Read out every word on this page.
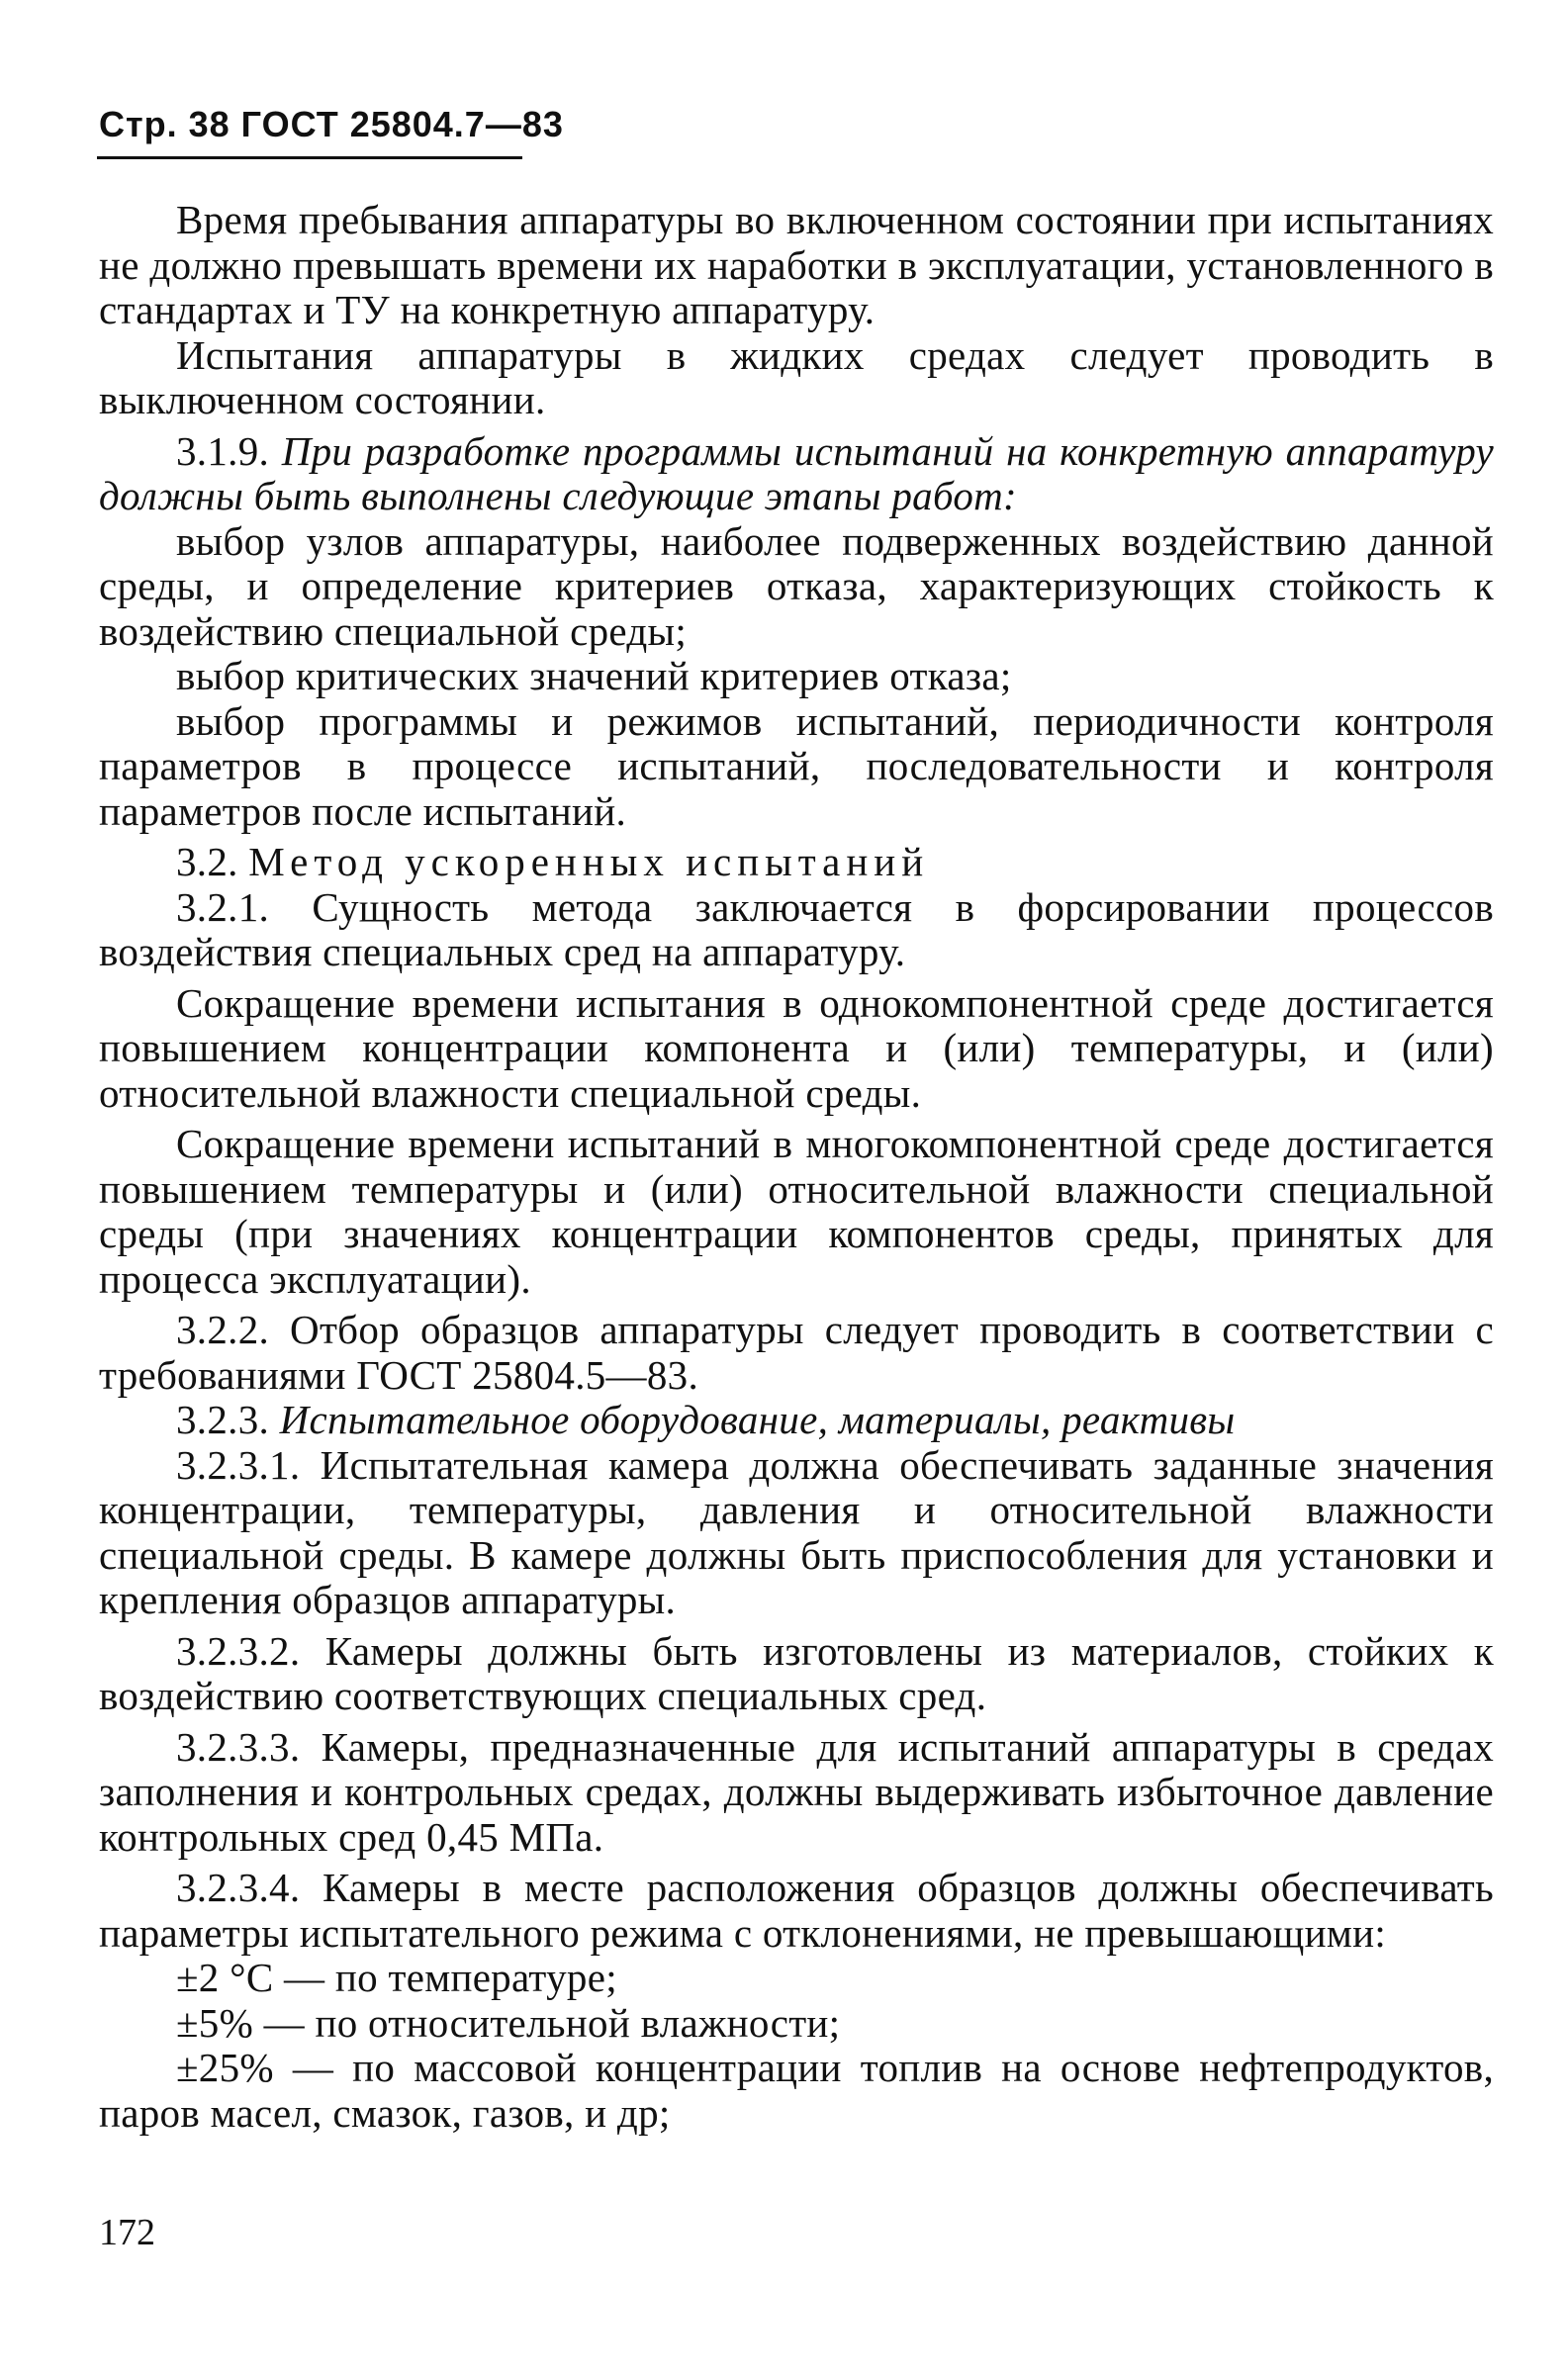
Стр. 38 ГОСТ 25804.7—83

Время пребывания аппаратуры во включенном состоянии при испытаниях не должно превышать времени их наработки в эксплуатации, установленного в стандартах и ТУ на конкретную аппаратуру.

Испытания аппаратуры в жидких средах следует проводить в выключенном состоянии.

3.1.9. При разработке программы испытаний на конкретную аппаратуру должны быть выполнены следующие этапы работ:

выбор узлов аппаратуры, наиболее подверженных воздействию данной среды, и определение критериев отказа, характеризующих стойкость к воздействию специальной среды;

выбор критических значений критериев отказа;

выбор программы и режимов испытаний, периодичности контроля параметров в процессе испытаний, последовательности и контроля параметров после испытаний.

3.2. Метод ускоренных испытаний

3.2.1. Сущность метода заключается в форсировании процессов воздействия специальных сред на аппаратуру.

Сокращение времени испытания в однокомпонентной среде достигается повышением концентрации компонента и (или) температуры, и (или) относительной влажности специальной среды.

Сокращение времени испытаний в многокомпонентной среде достигается повышением температуры и (или) относительной влажности специальной среды (при значениях концентрации компонентов среды, принятых для процесса эксплуатации).

3.2.2. Отбор образцов аппаратуры следует проводить в соответствии с требованиями ГОСТ 25804.5—83.

3.2.3. Испытательное оборудование, материалы, реактивы

3.2.3.1. Испытательная камера должна обеспечивать заданные значения концентрации, температуры, давления и относительной влажности специальной среды. В камере должны быть приспособления для установки и крепления образцов аппаратуры.

3.2.3.2. Камеры должны быть изготовлены из материалов, стойких к воздействию соответствующих специальных сред.

3.2.3.3. Камеры, предназначенные для испытаний аппаратуры в средах заполнения и контрольных средах, должны выдерживать избыточное давление контрольных сред 0,45 МПа.

3.2.3.4. Камеры в месте расположения образцов должны обеспечивать параметры испытательного режима с отклонениями, не превышающими:

±2 °С — по температуре;

±5% — по относительной влажности;

±25% — по массовой концентрации топлив на основе нефтепродуктов, паров масел, смазок, газов, и др;

172
